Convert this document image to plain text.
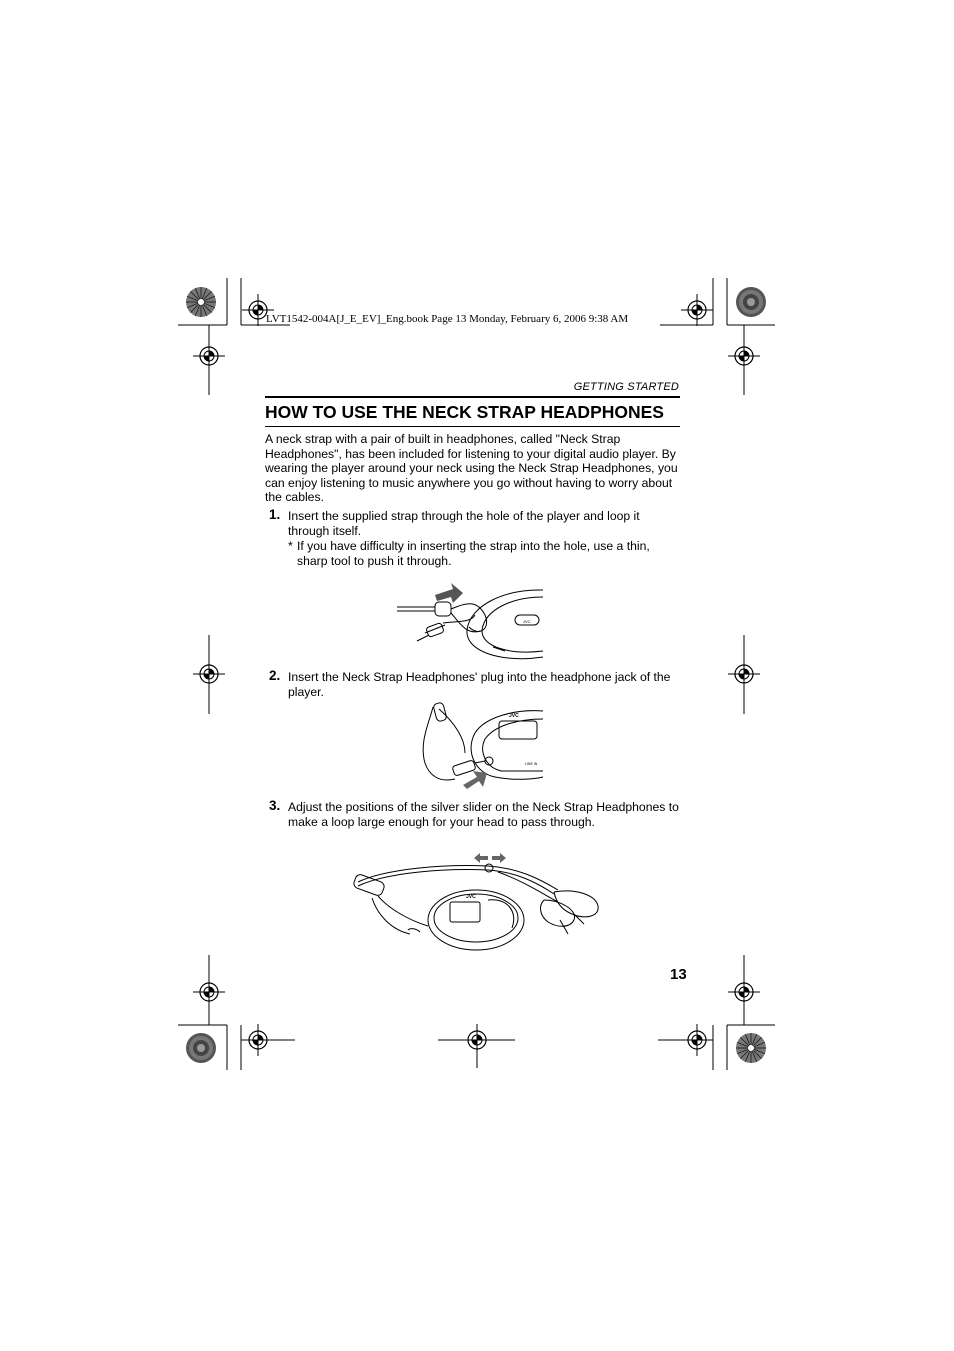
LVT1542-004A[J_E_EV]_Eng.book Page 13 Monday, February 6, 2006 9:38 AM
GETTING STARTED
HOW TO USE THE NECK STRAP HEADPHONES
A neck strap with a pair of built in headphones, called "Neck Strap Headphones", has been included for listening to your digital audio player. By wearing the player around your neck using the Neck Strap Headphones, you can enjoy listening to music anywhere you go without having to worry about the cables.
1. Insert the supplied strap through the hole of the player and loop it through itself.
* If you have difficulty in inserting the strap into the hole, use a thin, sharp tool to push it through.
JVC
2. Insert the Neck Strap Headphones' plug into the headphone jack of the player.
JVC
LINE IN
3. Adjust the positions of the silver slider on the Neck Strap Headphones to make a loop large enough for your head to pass through.
JVC
13
